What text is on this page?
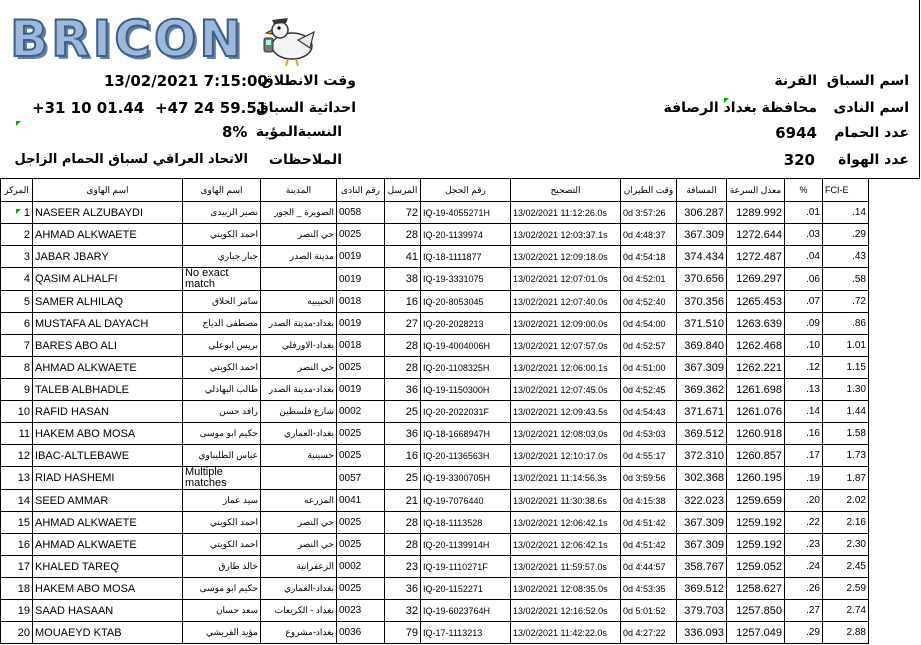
BRICON
اسم السباق
القرنة
اسم النادى
محافظة بغداد الرصافة
عدد الحمام
6944
عدد الهواة
320
وقت الانطلاق
13/02/2021 7:15:00
احداثية السباق
+47 24 59.51
+31 10 01.44
النسبةالمؤية
8%
الملاحظات
الاتحاد العراقي لسباق الحمام الزاجل
المركز	اسم الهاوى	اسم الهاوى	المدينة	رقم النادى	المرسل	رقم الحجل	التصحيح	وقت الطيران	المسافة	معدل السرعة	%	FCI-E
1	NASEER ALZUBAYDI	نصير الزبيدى	الصويرة _ الجور	0058	72	IQ-19-4055271H	13/02/2021 11:12:26.0s	0d 3:57:26	306.287	1289.992	.01	.14
2	AHMAD ALKWAETE	احمد الكويتي	حي النصر	0025	28	IQ-20-1139974	13/02/2021 12:03:37.1s	0d 4:48:37	367.309	1272.644	.03	.29
3	JABAR JBARY	جبار جباري	مدينة الصدر	0019	41	IQ-18-1111877	13/02/2021 12:09:18.0s	0d 4:54:18	374.434	1272.487	.04	.43
4	QASIM ALHALFI	No exact match		0019	38	IQ-19-3331075	13/02/2021 12:07:01.0s	0d 4:52:01	370.656	1269.297	.06	.58
5	SAMER ALHILAQ	سامر الحلاق	الحبيبيه	0018	16	IQ-20-8053045	13/02/2021 12:07:40.0s	0d 4:52:40	370.356	1265.453	.07	.72
6	MUSTAFA AL DAYACH	مصطفى الدياج	بغداد-مدينة الصدر	0019	27	IQ-20-2028213	13/02/2021 12:09:00.0s	0d 4:54:00	371.510	1263.639	.09	.86
7	BARES ABO ALI	بريس ابوعلي	بغداد-الاورفلي	0018	28	IQ-19-4004006H	13/02/2021 12:07:57.0s	0d 4:52:57	369.840	1262.468	.10	1.01
8	AHMAD ALKWAETE	احمد الكويتي	حي النصر	0025	28	IQ-20-1108325H	13/02/2021 12:06:00.1s	0d 4:51:00	367.309	1262.221	.12	1.15
9	TALEB ALBHADLE	طالب البهادلي	بغداد-مدينة الصدر	0019	36	IQ-19-1150300H	13/02/2021 12:07:45.0s	0d 4:52:45	369.362	1261.698	.13	1.30
10	RAFID HASAN	رافد حسن	شارع فلسطين	0002	25	IQ-20-2022031F	13/02/2021 12:09:43.5s	0d 4:54:43	371.671	1261.076	.14	1.44
11	HAKEM ABO MOSA	حكيم ابو موسى	بغداد-العماري	0025	36	IQ-18-1668947H	13/02/2021 12:08:03.0s	0d 4:53:03	369.512	1260.918	.16	1.58
12	IBAC-ALTLEBAWE	عباس الطليباوي	حسينية	0025	16	IQ-20-1136563H	13/02/2021 12:10:17.0s	0d 4:55:17	372.310	1260.857	.17	1.73
13	RIAD HASHEMI	Multiple matches		0057	25	IQ-19-3300705H	13/02/2021 11:14:56.3s	0d 3:59:56	302.368	1260.195	.19	1.87
14	SEED AMMAR	سيد عمار	المزرعه	0041	21	IQ-19-7076440	13/02/2021 11:30:38.6s	0d 4:15:38	322.023	1259.659	.20	2.02
15	AHMAD ALKWAETE	احمد الكويتي	حي النصر	0025	28	IQ-18-1113528	13/02/2021 12:06:42.1s	0d 4:51:42	367.309	1259.192	.22	2.16
16	AHMAD ALKWAETE	احمد الكويتي	حي النصر	0025	28	IQ-20-1139914H	13/02/2021 12:06:42.1s	0d 4:51:42	367.309	1259.192	.23	2.30
17	KHALED TAREQ	خالد طارق	الزعفرانية	0002	23	IQ-19-1110271F	13/02/2021 11:59:57.0s	0d 4:44:57	358.767	1259.052	.24	2.45
18	HAKEM ABO MOSA	حكيم ابو موسى	بغداد-العماري	0025	36	IQ-20-1152271	13/02/2021 12:08:35.0s	0d 4:53:35	369.512	1258.627	.26	2.59
19	SAAD HASAAN	سعد حسان	بغداد - الكريعات	0023	32	IQ-19-6023764H	13/02/2021 12:16:52.0s	0d 5:01:52	379.703	1257.850	.27	2.74
20	MOUAEYD KTAB	مؤيد القريشي	بغداد-مشروع	0036	79	IQ-17-1113213	13/02/2021 11:42:22.0s	0d 4:27:22	336.093	1257.049	.29	2.88
